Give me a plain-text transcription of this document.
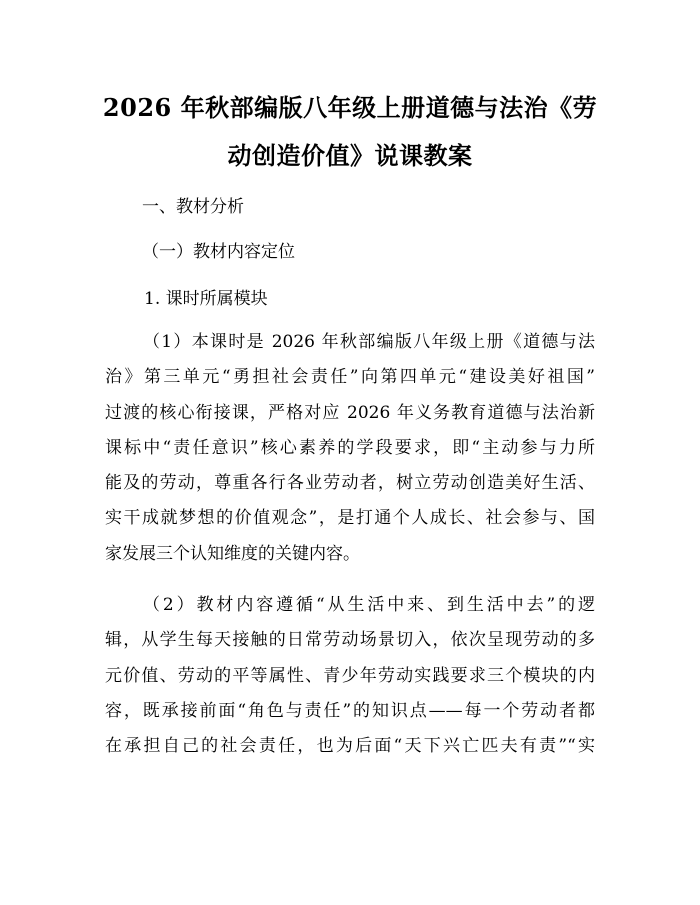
2026 年秋部编版八年级上册道德与法治《劳
动创造价值》说课教案

一、教材分析

（一）教材内容定位

1. 课时所属模块

（1）本课时是 2026 年秋部编版八年级上册《道德与法
治》第三单元“勇担社会责任”向第四单元“建设美好祖国”
过渡的核心衔接课，严格对应 2026 年义务教育道德与法治新
课标中“责任意识”核心素养的学段要求，即“主动参与力所
能及的劳动，尊重各行各业劳动者，树立劳动创造美好生活、
实干成就梦想的价值观念”，是打通个人成长、社会参与、国
家发展三个认知维度的关键内容。
（2）教材内容遵循“从生活中来、到生活中去”的逻
辑，从学生每天接触的日常劳动场景切入，依次呈现劳动的多
元价值、劳动的平等属性、青少年劳动实践要求三个模块的内
容，既承接前面“角色与责任”的知识点——每一个劳动者都
在承担自己的社会责任，也为后面“天下兴亡匹夫有责”“实
